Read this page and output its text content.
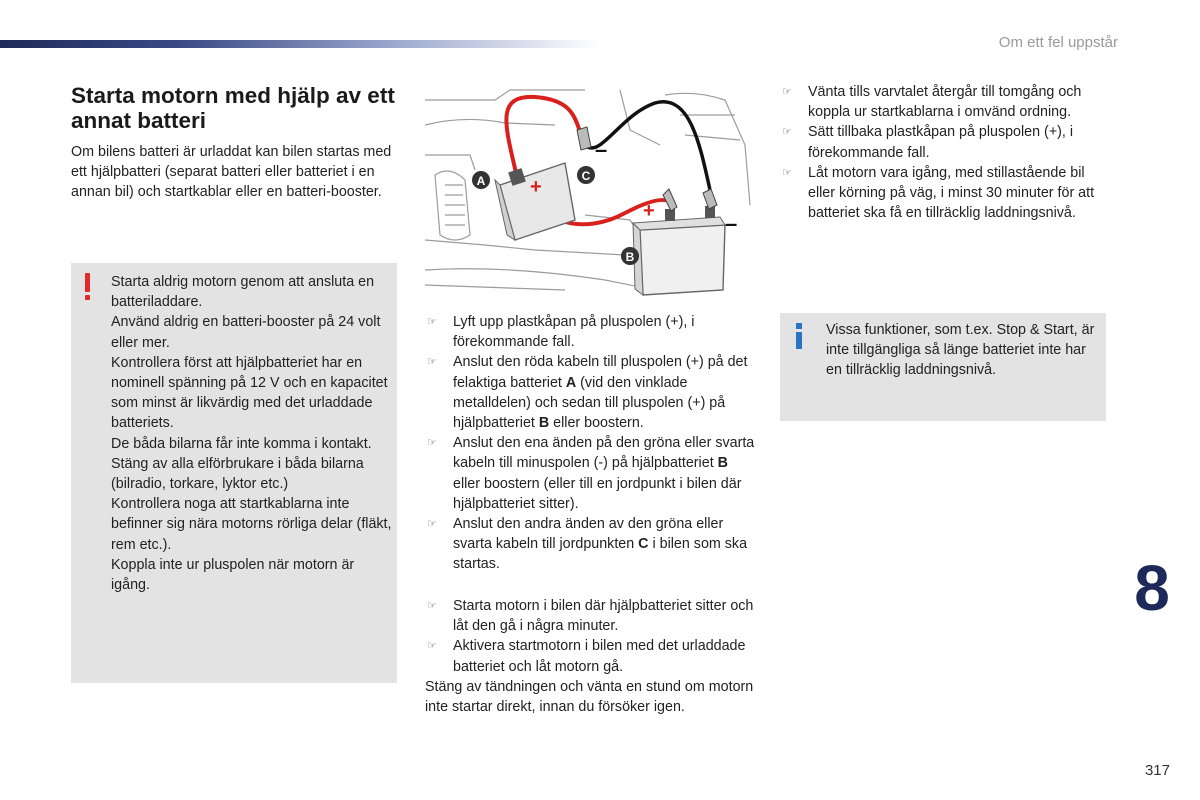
Om ett fel uppstår
Starta motorn med hjälp av ett annat batteri

Om bilens batteri är urladdat kan bilen startas med ett hjälpbatteri (separat batteri eller batteriet i en annan bil) och startkablar eller en batteri-booster.

Starta aldrig motorn genom att ansluta en batteriladdare.

Använd aldrig en batteri-booster på 24 volt eller mer.

Kontrollera först att hjälpbatteriet har en nominell spänning på 12 V och en kapacitet som minst är likvärdig med det urladdade batteriets.

De båda bilarna får inte komma i kontakt.

Stäng av alla elförbrukare i båda bilarna (bilradio, torkare, lyktor etc.)

Kontrollera noga att startkablarna inte befinner sig nära motorns rörliga delar (fläkt, rem etc.).

Koppla inte ur pluspolen när motorn är igång.

+
–
+	–
A	C
B
☞ Lyft upp plastkåpan på pluspolen (+), i förekommande fall.

☞ Anslut den röda kabeln till pluspolen (+) på det felaktiga batteriet A (vid den vinklade metalldelen) och sedan till pluspolen (+) på hjälpbatteriet B eller boostern.

☞ Anslut den ena änden på den gröna eller svarta kabeln till minuspolen (-) på hjälpbatteriet B eller boostern (eller till en jordpunkt i bilen där hjälpbatteriet sitter).

☞ Anslut den andra änden av den gröna eller svarta kabeln till jordpunkten C i bilen som ska startas.

☞ Starta motorn i bilen där hjälpbatteriet sitter och låt den gå i några minuter.

☞ Aktivera startmotorn i bilen med det urladdade batteriet och låt motorn gå.

Stäng av tändningen och vänta en stund om motorn inte startar direkt, innan du försöker igen.

☞ Vänta tills varvtalet återgår till tomgång och koppla ur startkablarna i omvänd ordning.

☞ Sätt tillbaka plastkåpan på pluspolen (+), i förekommande fall.

☞ Låt motorn vara igång, med stillastående bil eller körning på väg, i minst 30 minuter för att batteriet ska få en tillräcklig laddningsnivå.

Vissa funktioner, som t.ex. Stop & Start, är inte tillgängliga så länge batteriet inte har en tillräcklig laddningsnivå.
8
317
